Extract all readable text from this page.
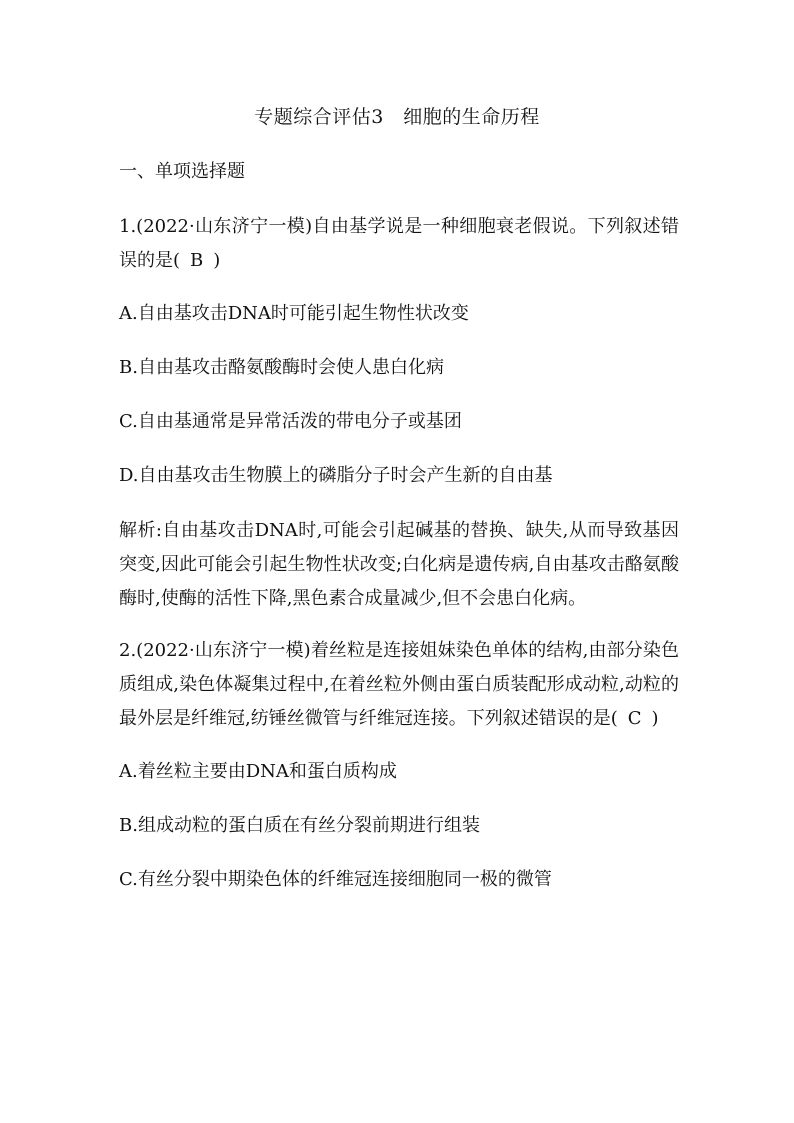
专题综合评估3　细胞的生命历程

一、单项选择题

1.(2022·山东济宁一模)自由基学说是一种细胞衰老假说。下列叙述错误的是( B )

A.自由基攻击DNA时可能引起生物性状改变

B.自由基攻击酪氨酸酶时会使人患白化病

C.自由基通常是异常活泼的带电分子或基团

D.自由基攻击生物膜上的磷脂分子时会产生新的自由基

解析:自由基攻击DNA时,可能会引起碱基的替换、缺失,从而导致基因突变,因此可能会引起生物性状改变;白化病是遗传病,自由基攻击酪氨酸酶时,使酶的活性下降,黑色素合成量减少,但不会患白化病。

2.(2022·山东济宁一模)着丝粒是连接姐妹染色单体的结构,由部分染色质组成,染色体凝集过程中,在着丝粒外侧由蛋白质装配形成动粒,动粒的最外层是纤维冠,纺锤丝微管与纤维冠连接。下列叙述错误的是( C )

A.着丝粒主要由DNA和蛋白质构成

B.组成动粒的蛋白质在有丝分裂前期进行组装

C.有丝分裂中期染色体的纤维冠连接细胞同一极的微管
